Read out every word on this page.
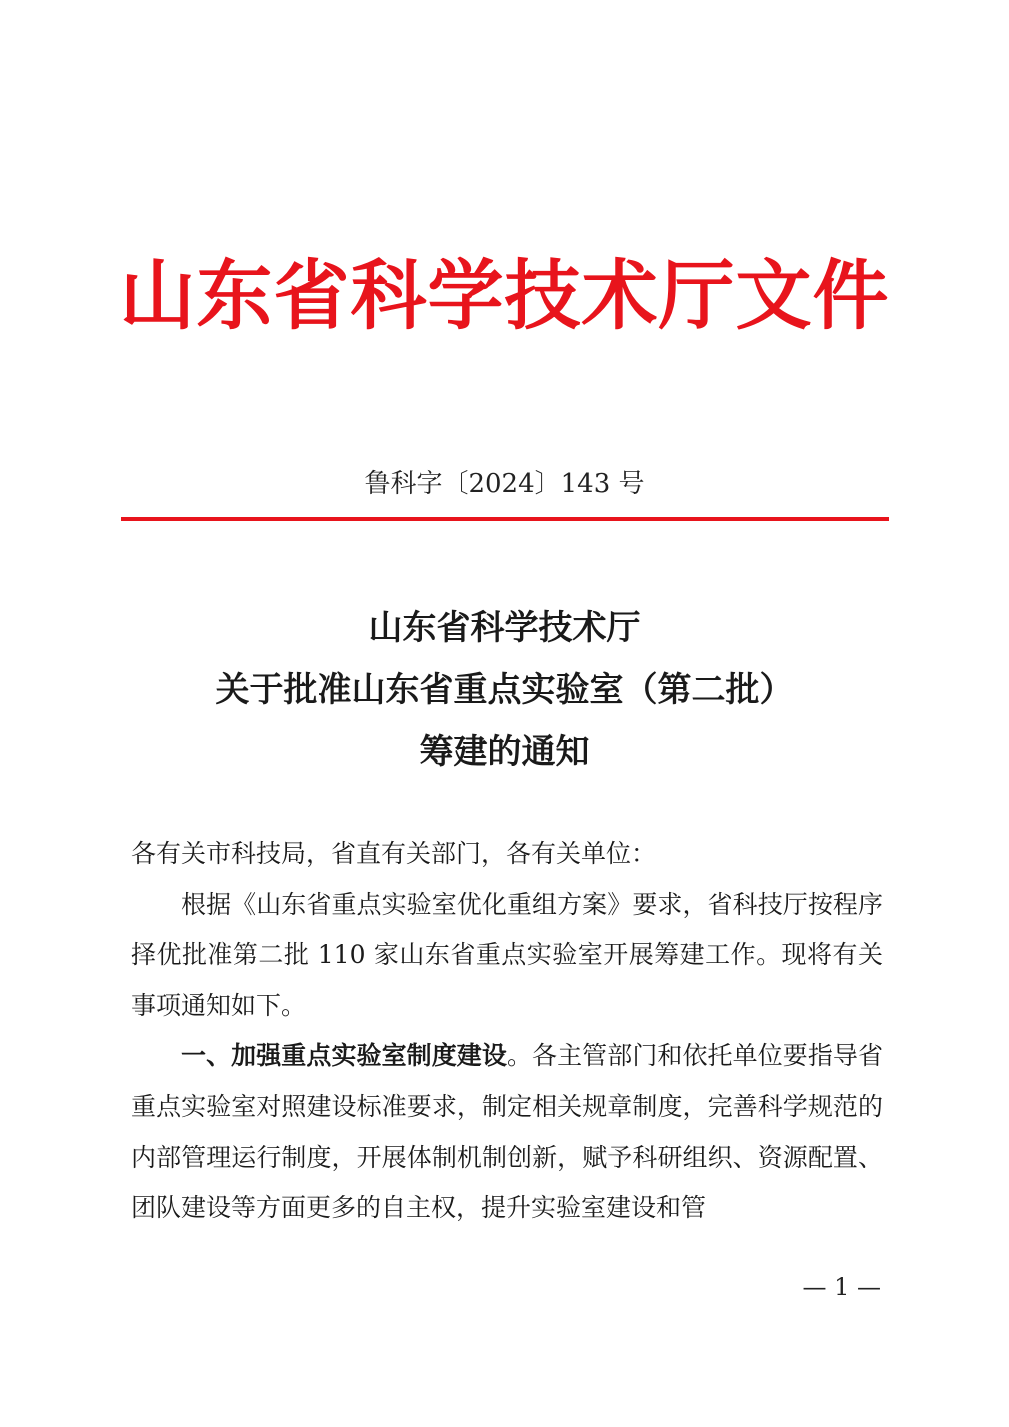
山东省科学技术厅文件
鲁科字〔2024〕143 号
山东省科学技术厅
关于批准山东省重点实验室（第二批）
筹建的通知

各有关市科技局，省直有关部门，各有关单位：

根据《山东省重点实验室优化重组方案》要求，省科技厅按程序择优批准第二批 110 家山东省重点实验室开展筹建工作。现将有关事项通知如下。

一、加强重点实验室制度建设。各主管部门和依托单位要指导省重点实验室对照建设标准要求，制定相关规章制度，完善科学规范的内部管理运行制度，开展体制机制创新，赋予科研组织、资源配置、团队建设等方面更多的自主权，提升实验室建设和管

— 1 —
